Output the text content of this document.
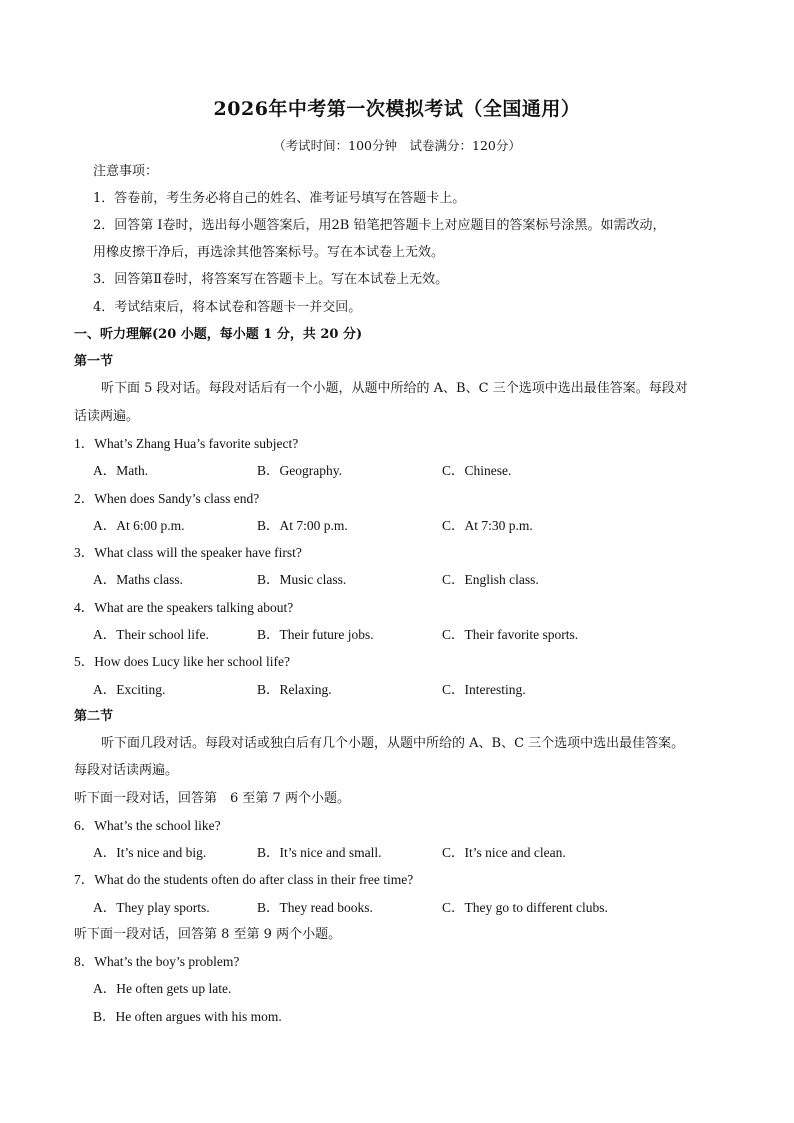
2026年中考第一次模拟考试（全国通用）
（考试时间：100分钟　试卷满分：120分）
注意事项：
1．答卷前，考生务必将自己的姓名、准考证号填写在答题卡上。
2．回答第 Ⅰ卷时，选出每小题答案后，用2B 铅笔把答题卡上对应题目的答案标号涂黑。如需改动，
用橡皮擦干净后，再选涂其他答案标号。写在本试卷上无效。
3．回答第Ⅱ卷时，将答案写在答题卡上。写在本试卷上无效。
4．考试结束后，将本试卷和答题卡一并交回。
一、听力理解(20 小题，每小题 1 分，共 20 分)
第一节
听下面 5 段对话。每段对话后有一个小题，从题中所给的 A、B、C 三个选项中选出最佳答案。每段对
话读两遍。
1．What’s Zhang Hua’s favorite subject?
A．Math.	B．Geography.	C．Chinese.
2．When does Sandy’s class end?
A．At 6:00 p.m.	B．At 7:00 p.m.	C．At 7:30 p.m.
3．What class will the speaker have first?
A．Maths class.	B．Music class.	C．English class.
4．What are the speakers talking about?
A．Their school life.	B．Their future jobs.	C．Their favorite sports.
5．How does Lucy like her school life?
A．Exciting.	B．Relaxing.	C．Interesting.
第二节
听下面几段对话。每段对话或独白后有几个小题，从题中所给的 A、B、C 三个选项中选出最佳答案。
每段对话读两遍。
听下面一段对话，回答第　6 至第 7 两个小题。
6．What’s the school like?
A．It’s nice and big.	B．It’s nice and small.	C．It’s nice and clean.
7．What do the students often do after class in their free time?
A．They play sports.	B．They read books.	C．They go to different clubs.
听下面一段对话，回答第 8 至第 9 两个小题。
8．What’s the boy’s problem?
A．He often gets up late.
B．He often argues with his mom.
